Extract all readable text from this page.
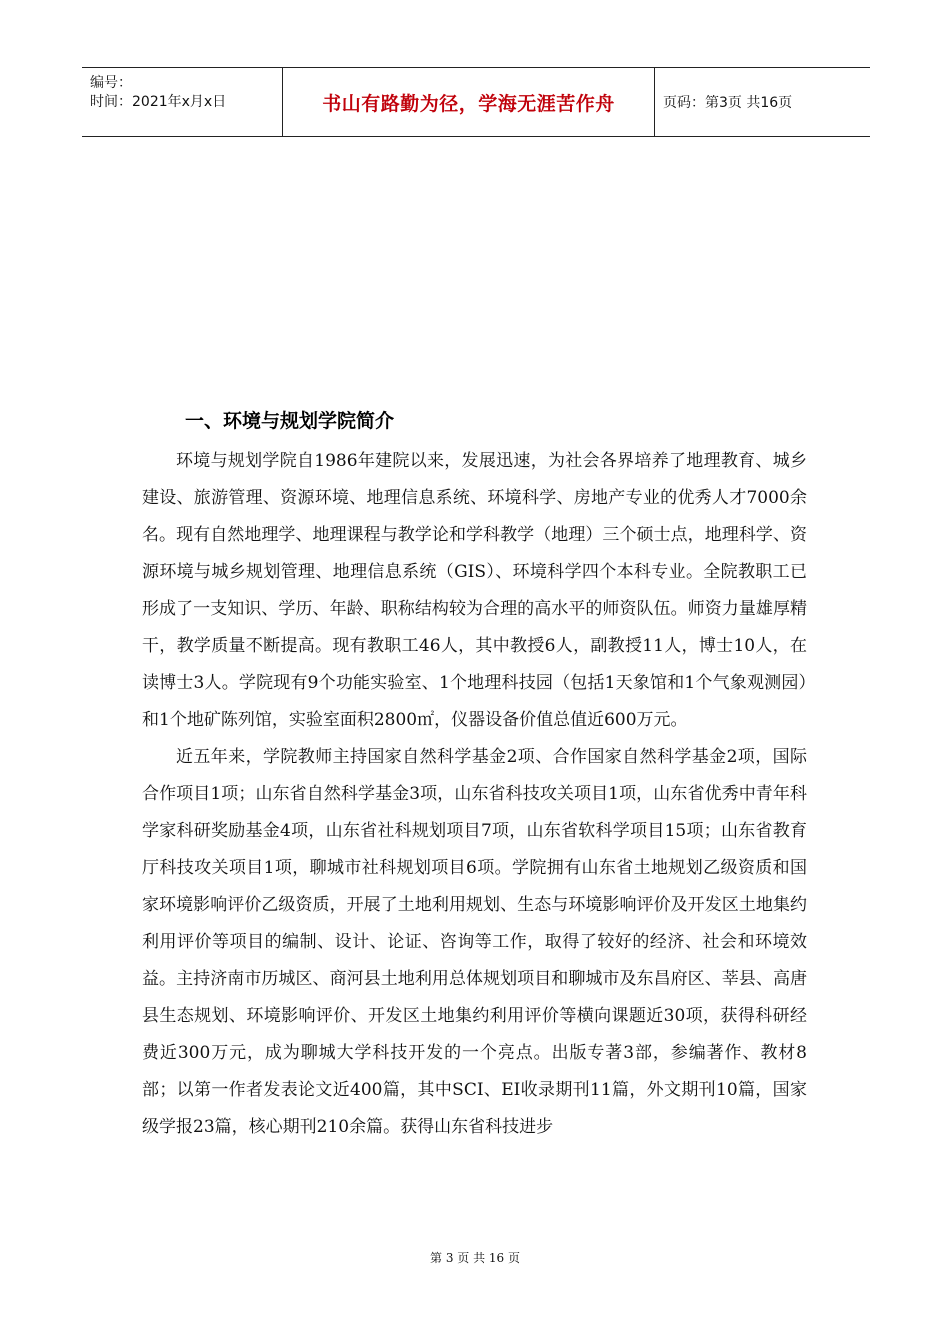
编号：
时间：2021年x月x日	书山有路勤为径，学海无涯苦作舟	页码：第3页 共16页
一、环境与规划学院简介

环境与规划学院自1986年建院以来，发展迅速，为社会各界培养了地理教育、城乡建设、旅游管理、资源环境、地理信息系统、环境科学、房地产专业的优秀人才7000余名。现有自然地理学、地理课程与教学论和学科教学（地理）三个硕士点，地理科学、资源环境与城乡规划管理、地理信息系统（GIS）、环境科学四个本科专业。全院教职工已形成了一支知识、学历、年龄、职称结构较为合理的高水平的师资队伍。师资力量雄厚精干，教学质量不断提高。现有教职工46人，其中教授6人，副教授11人，博士10人，在读博士3人。学院现有9个功能实验室、1个地理科技园（包括1天象馆和1个气象观测园）和1个地矿陈列馆，实验室面积2800㎡，仪器设备价值总值近600万元。

近五年来，学院教师主持国家自然科学基金2项、合作国家自然科学基金2项，国际合作项目1项；山东省自然科学基金3项，山东省科技攻关项目1项，山东省优秀中青年科学家科研奖励基金4项，山东省社科规划项目7项，山东省软科学项目15项；山东省教育厅科技攻关项目1项，聊城市社科规划项目6项。学院拥有山东省土地规划乙级资质和国家环境影响评价乙级资质，开展了土地利用规划、生态与环境影响评价及开发区土地集约利用评价等项目的编制、设计、论证、咨询等工作，取得了较好的经济、社会和环境效益。主持济南市历城区、商河县土地利用总体规划项目和聊城市及东昌府区、莘县、高唐县生态规划、环境影响评价、开发区土地集约利用评价等横向课题近30项，获得科研经费近300万元，成为聊城大学科技开发的一个亮点。出版专著3部，参编著作、教材8部；以第一作者发表论文近400篇，其中SCI、EI收录期刊11篇，外文期刊10篇，国家级学报23篇，核心期刊210余篇。获得山东省科技进步

第 3 页 共 16 页
